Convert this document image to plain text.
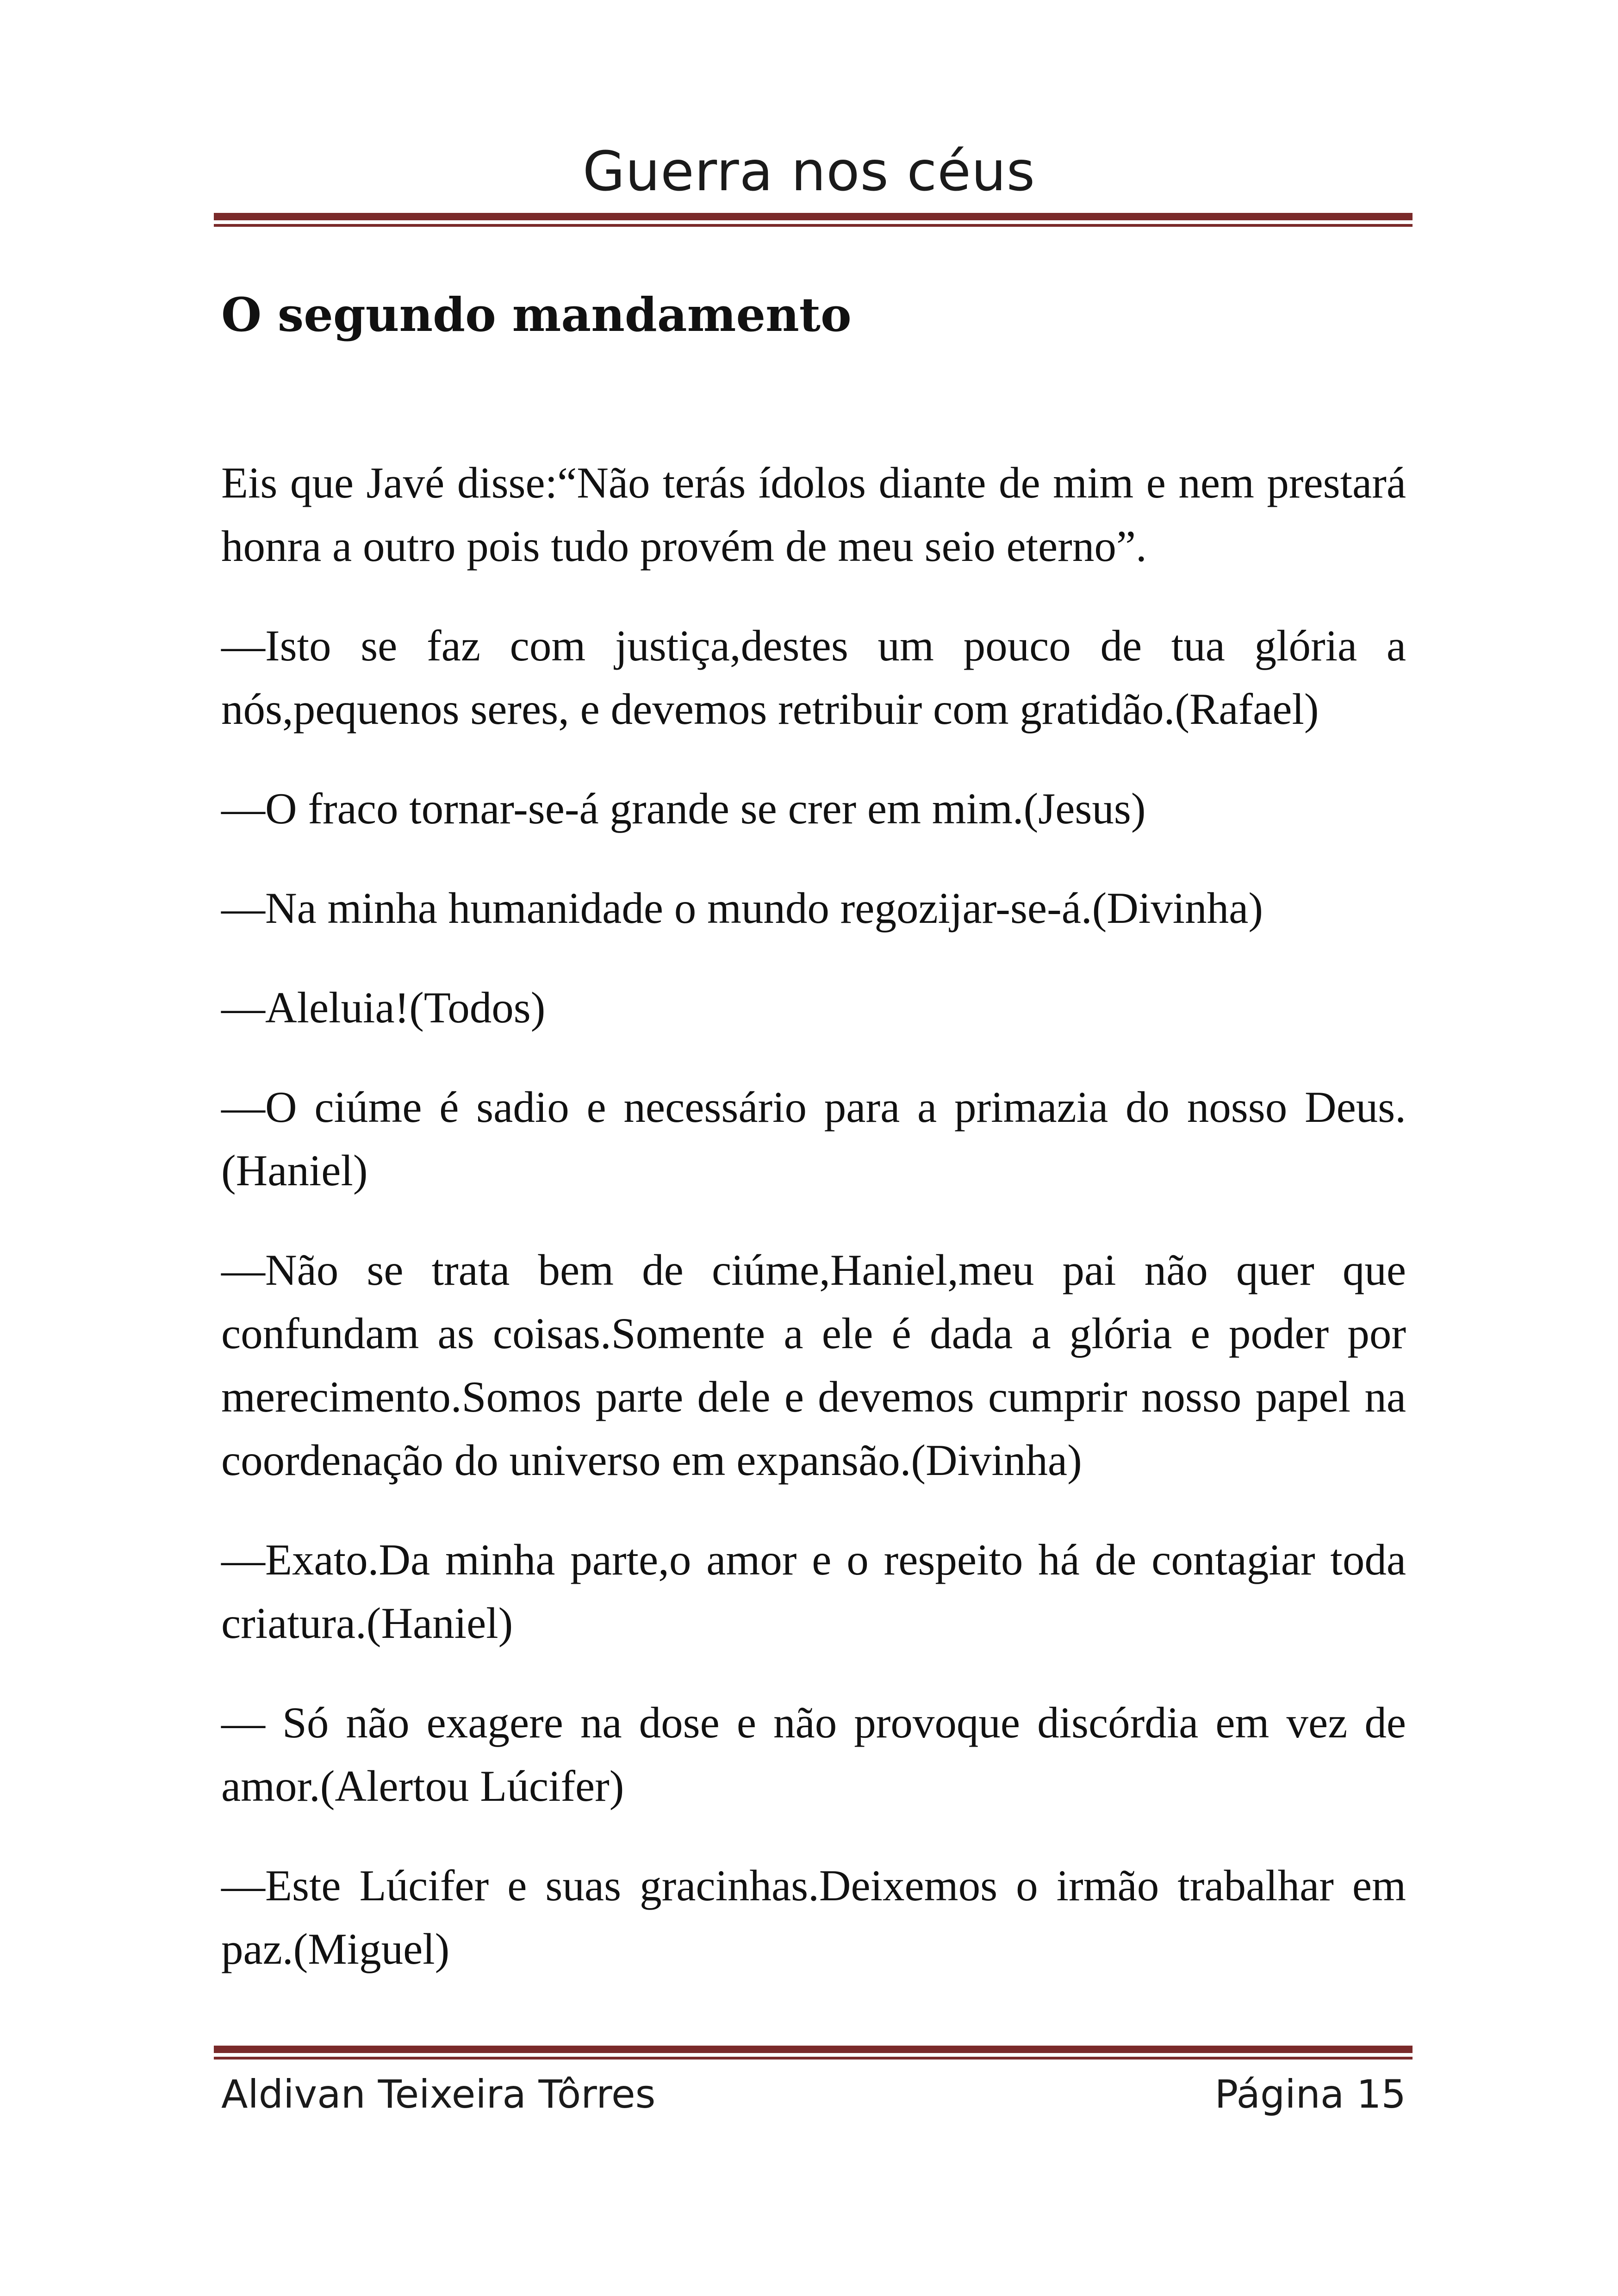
Guerra nos céus
O segundo mandamento

Eis que Javé disse:“Não terás ídolos diante de mim e nem prestará honra a outro pois tudo provém de meu seio eterno”.

—Isto se faz com justiça,destes um pouco de tua glória a nós,pequenos seres, e devemos retribuir com gratidão.(Rafael)

—O fraco tornar-se-á grande se crer em mim.(Jesus)

—Na minha humanidade o mundo regozijar-se-á.(Divinha)

—Aleluia!(Todos)

—O ciúme é sadio e necessário para a primazia do nosso Deus.(Haniel)

—Não se trata bem de ciúme,Haniel,meu pai não quer que confundam as coisas.Somente a ele é dada a glória e poder por merecimento.Somos parte dele e devemos cumprir nosso papel na coordenação do universo em expansão.(Divinha)

—Exato.Da minha parte,o amor e o respeito há de contagiar toda criatura.(Haniel)

— Só não exagere na dose e não provoque discórdia em vez de amor.(Alertou Lúcifer)

—Este Lúcifer e suas gracinhas.Deixemos o irmão trabalhar em paz.(Miguel)

Aldivan Teixeira Tôrres	Página 15
